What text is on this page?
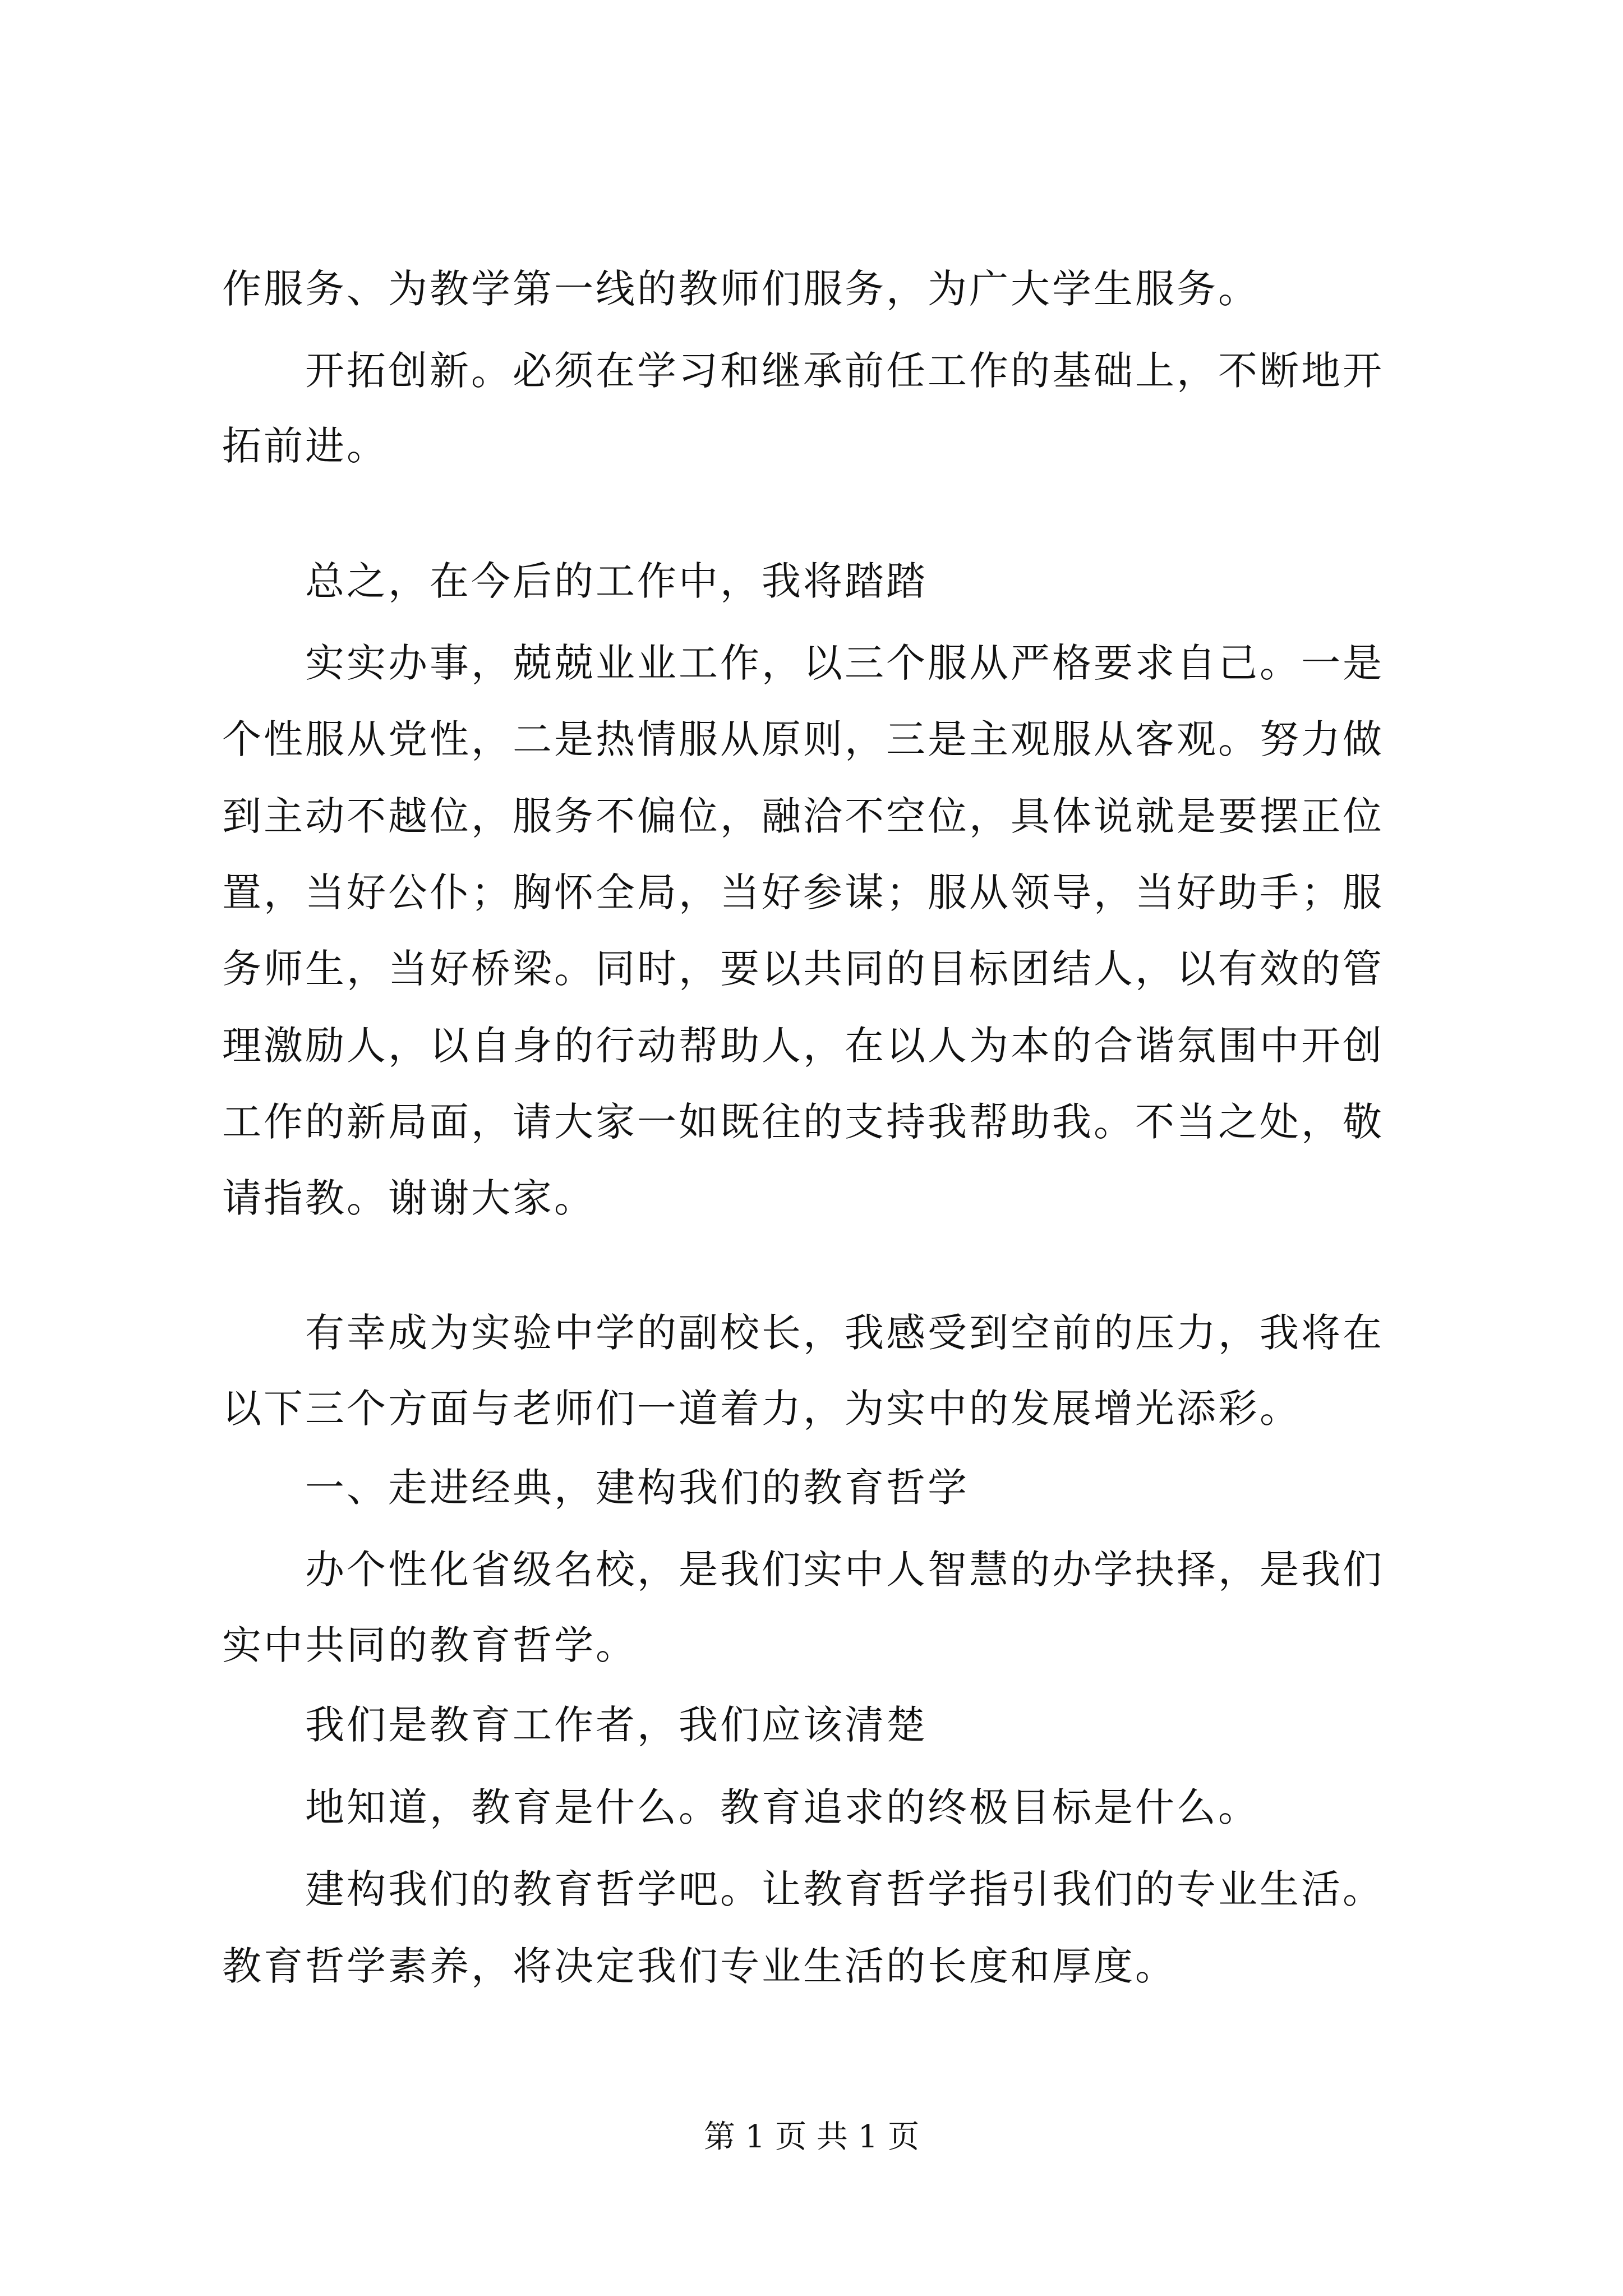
作服务、为教学第一线的教师们服务，为广大学生服务。
开拓创新。必须在学习和继承前任工作的基础上，不断地开
拓前进。
总之，在今后的工作中，我将踏踏
实实办事，兢兢业业工作，以三个服从严格要求自己。一是
个性服从党性，二是热情服从原则，三是主观服从客观。努力做
到主动不越位，服务不偏位，融洽不空位，具体说就是要摆正位
置，当好公仆；胸怀全局，当好参谋；服从领导，当好助手；服
务师生，当好桥梁。同时，要以共同的目标团结人，以有效的管
理激励人，以自身的行动帮助人，在以人为本的合谐氛围中开创
工作的新局面，请大家一如既往的支持我帮助我。不当之处，敬
请指教。谢谢大家。
有幸成为实验中学的副校长，我感受到空前的压力，我将在
以下三个方面与老师们一道着力，为实中的发展增光添彩。
一、走进经典，建构我们的教育哲学
办个性化省级名校，是我们实中人智慧的办学抉择，是我们
实中共同的教育哲学。
我们是教育工作者，我们应该清楚
地知道，教育是什么。教育追求的终极目标是什么。
建构我们的教育哲学吧。让教育哲学指引我们的专业生活。
教育哲学素养，将决定我们专业生活的长度和厚度。
第 1 页 共 1 页
